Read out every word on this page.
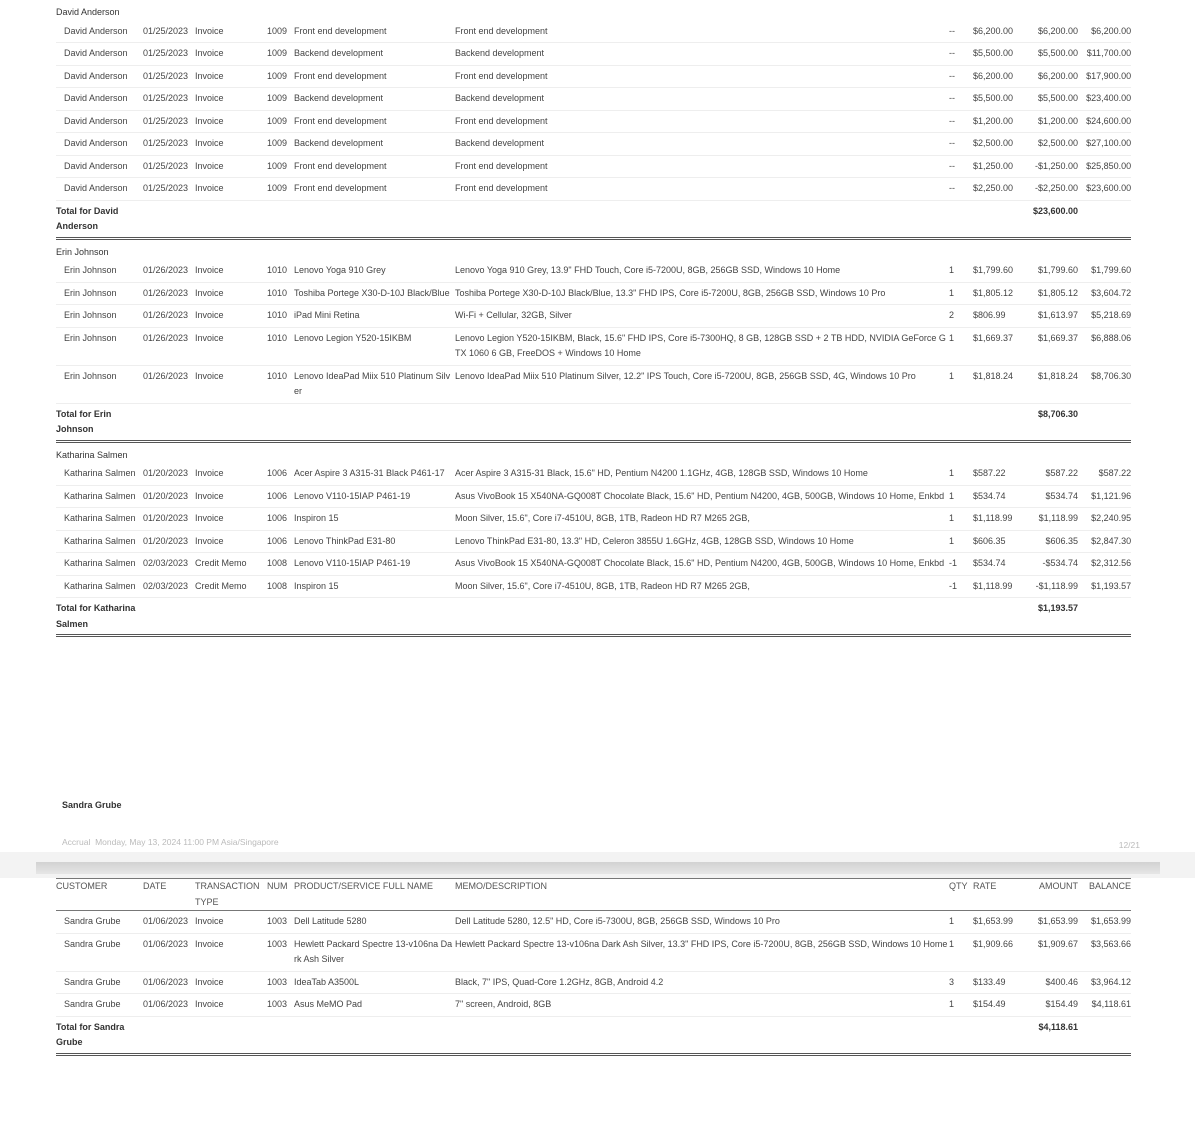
David Anderson									
David Anderson	01/25/2023	Invoice	1009	Front end development	Front end development	--	$6,200.00	$6,200.00	$6,200.00
David Anderson	01/25/2023	Invoice	1009	Backend development	Backend development	--	$5,500.00	$5,500.00	$11,700.00
David Anderson	01/25/2023	Invoice	1009	Front end development	Front end development	--	$6,200.00	$6,200.00	$17,900.00
David Anderson	01/25/2023	Invoice	1009	Backend development	Backend development	--	$5,500.00	$5,500.00	$23,400.00
David Anderson	01/25/2023	Invoice	1009	Front end development	Front end development	--	$1,200.00	$1,200.00	$24,600.00
David Anderson	01/25/2023	Invoice	1009	Backend development	Backend development	--	$2,500.00	$2,500.00	$27,100.00
David Anderson	01/25/2023	Invoice	1009	Front end development	Front end development	--	$1,250.00	-$1,250.00	$25,850.00
David Anderson	01/25/2023	Invoice	1009	Front end development	Front end development	--	$2,250.00	-$2,250.00	$23,600.00
Total for David Anderson								$23,600.00	
Erin Johnson									
Erin Johnson	01/26/2023	Invoice	1010	Lenovo Yoga 910 Grey	Lenovo Yoga 910 Grey, 13.9" FHD Touch, Core i5-7200U, 8GB, 256GB SSD, Windows 10 Home	1	$1,799.60	$1,799.60	$1,799.60
Erin Johnson	01/26/2023	Invoice	1010	Toshiba Portege X30-D-10J Black/Blue	Toshiba Portege X30-D-10J Black/Blue, 13.3" FHD IPS, Core i5-7200U, 8GB, 256GB SSD, Windows 10 Pro	1	$1,805.12	$1,805.12	$3,604.72
Erin Johnson	01/26/2023	Invoice	1010	iPad Mini Retina	Wi-Fi + Cellular, 32GB, Silver	2	$806.99	$1,613.97	$5,218.69
Erin Johnson	01/26/2023	Invoice	1010	Lenovo Legion Y520-15IKBM	Lenovo Legion Y520-15IKBM, Black, 15.6" FHD IPS, Core i5-7300HQ, 8 GB, 128GB SSD + 2 TB HDD, NVIDIA GeForce GTX 1060 6 GB, FreeDOS + Windows 10 Home	1	$1,669.37	$1,669.37	$6,888.06
Erin Johnson	01/26/2023	Invoice	1010	Lenovo IdeaPad Miix 510 Platinum Silver	Lenovo IdeaPad Miix 510 Platinum Silver, 12.2" IPS Touch, Core i5-7200U, 8GB, 256GB SSD, 4G, Windows 10 Pro	1	$1,818.24	$1,818.24	$8,706.30
Total for Erin Johnson								$8,706.30	
Katharina Salmen									
Katharina Salmen	01/20/2023	Invoice	1006	Acer Aspire 3 A315-31 Black P461-17	Acer Aspire 3 A315-31 Black, 15.6" HD, Pentium N4200 1.1GHz, 4GB, 128GB SSD, Windows 10 Home	1	$587.22	$587.22	$587.22
Katharina Salmen	01/20/2023	Invoice	1006	Lenovo V110-15IAP P461-19	Asus VivoBook 15 X540NA-GQ008T Chocolate Black, 15.6" HD, Pentium N4200, 4GB, 500GB, Windows 10 Home, Enkbd	1	$534.74	$534.74	$1,121.96
Katharina Salmen	01/20/2023	Invoice	1006	Inspiron 15	Moon Silver, 15.6", Core i7-4510U, 8GB, 1TB, Radeon HD R7 M265 2GB,	1	$1,118.99	$1,118.99	$2,240.95
Katharina Salmen	01/20/2023	Invoice	1006	Lenovo ThinkPad E31-80	Lenovo ThinkPad E31-80, 13.3" HD, Celeron 3855U 1.6GHz, 4GB, 128GB SSD, Windows 10 Home	1	$606.35	$606.35	$2,847.30
Katharina Salmen	02/03/2023	Credit Memo	1008	Lenovo V110-15IAP P461-19	Asus VivoBook 15 X540NA-GQ008T Chocolate Black, 15.6" HD, Pentium N4200, 4GB, 500GB, Windows 10 Home, Enkbd	-1	$534.74	-$534.74	$2,312.56
Katharina Salmen	02/03/2023	Credit Memo	1008	Inspiron 15	Moon Silver, 15.6", Core i7-4510U, 8GB, 1TB, Radeon HD R7 M265 2GB,	-1	$1,118.99	-$1,118.99	$1,193.57
Total for Katharina Salmen								$1,193.57	
Sandra Grube
Accrual Monday, May 13, 2024 11:00 PM Asia/Singapore	12/21
CUSTOMER	DATE	TRANSACTION TYPE	NUM	PRODUCT/SERVICE FULL NAME	MEMO/DESCRIPTION	QTY	RATE	AMOUNT	BALANCE
Sandra Grube	01/06/2023	Invoice	1003	Dell Latitude 5280	Dell Latitude 5280, 12.5" HD, Core i5-7300U, 8GB, 256GB SSD, Windows 10 Pro	1	$1,653.99	$1,653.99	$1,653.99
Sandra Grube	01/06/2023	Invoice	1003	Hewlett Packard Spectre 13-v106na Dark Ash Silver	Hewlett Packard Spectre 13-v106na Dark Ash Silver, 13.3" FHD IPS, Core i5-7200U, 8GB, 256GB SSD, Windows 10 Home	1	$1,909.66	$1,909.67	$3,563.66
Sandra Grube	01/06/2023	Invoice	1003	IdeaTab A3500L	Black, 7" IPS, Quad-Core 1.2GHz, 8GB, Android 4.2	3	$133.49	$400.46	$3,964.12
Sandra Grube	01/06/2023	Invoice	1003	Asus MeMO Pad	7" screen, Android, 8GB	1	$154.49	$154.49	$4,118.61
Total for Sandra Grube								$4,118.61	
